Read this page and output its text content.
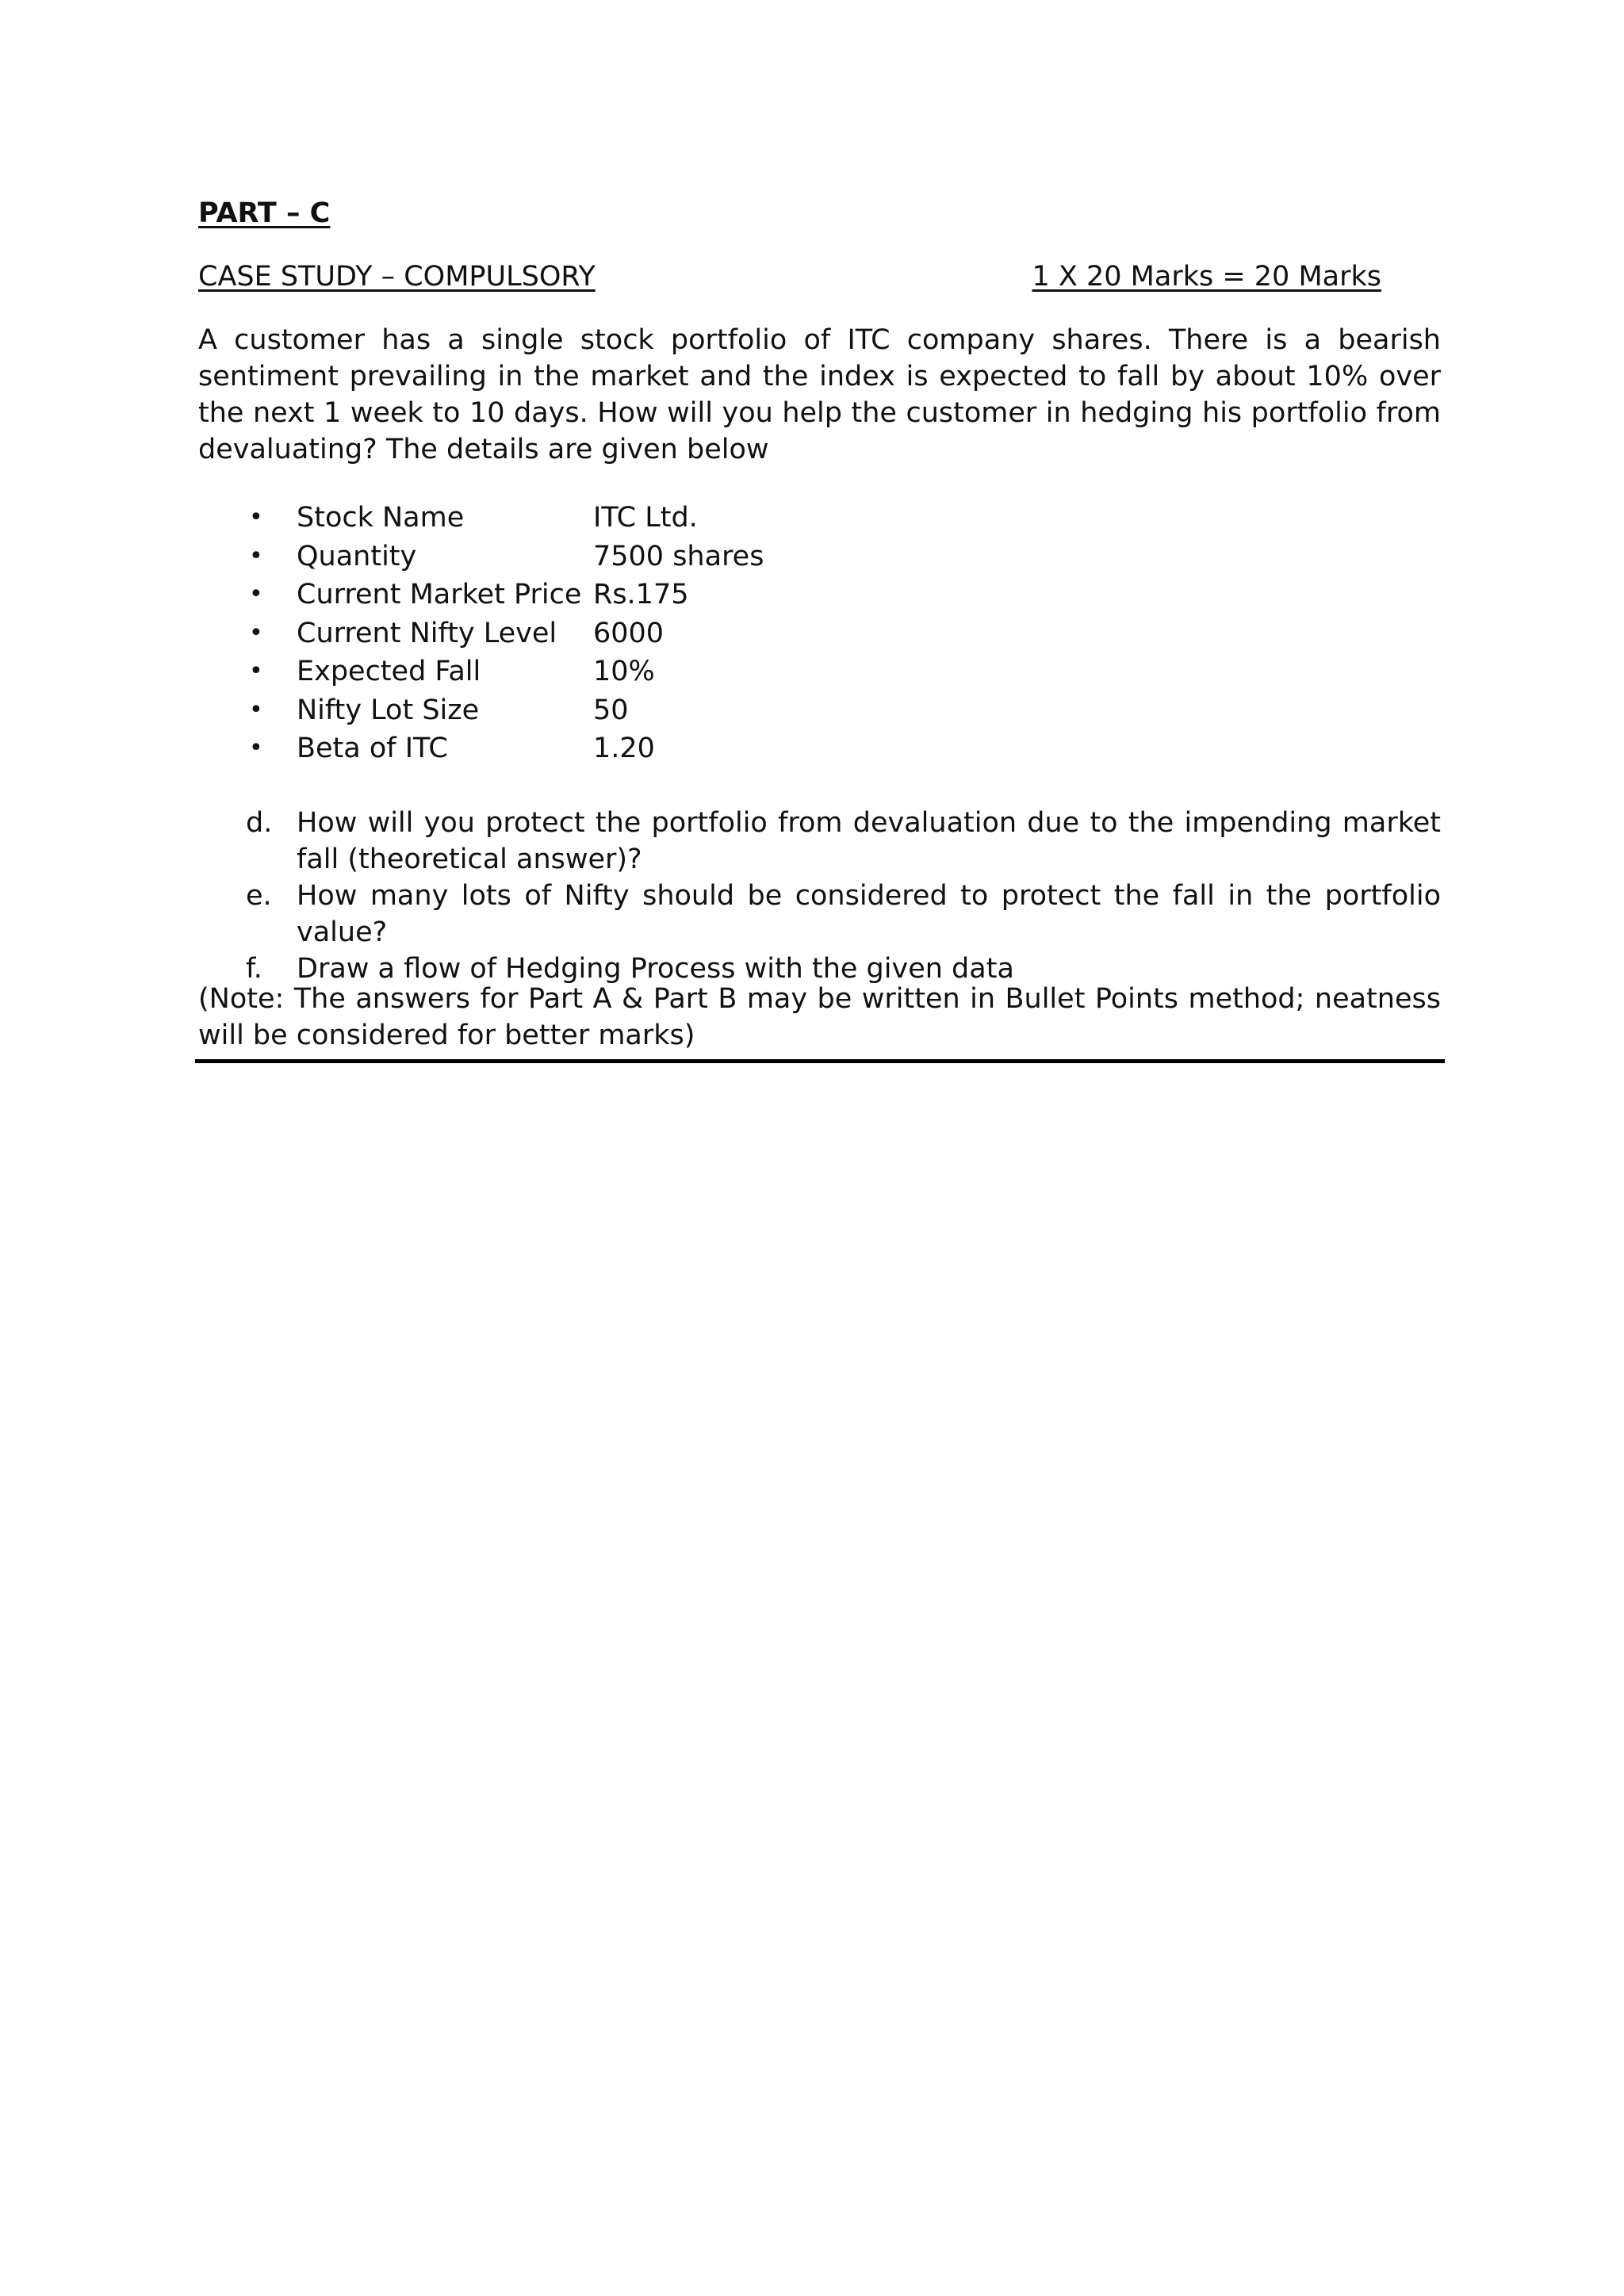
PART – C
CASE STUDY – COMPULSORY	1 X 20 Marks = 20 Marks
A customer has a single stock portfolio of ITC company shares. There is a bearish sentiment prevailing in the market and the index is expected to fall by about 10% over the next 1 week to 10 days. How will you help the customer in hedging his portfolio from devaluating? The details are given below
•	Stock Name	ITC Ltd.
•	Quantity	7500 shares
•	Current Market Price Rs.175
•	Current Nifty Level	6000
•	Expected Fall	10%
•	Nifty Lot Size	50
•	Beta of ITC	1.20
d. How will you protect the portfolio from devaluation due to the impending market fall (theoretical answer)?
e. How many lots of Nifty should be considered to protect the fall in the portfolio value?
f.	Draw a flow of Hedging Process with the given data
(Note: The answers for Part A & Part B may be written in Bullet Points method; neatness will be considered for better marks)
